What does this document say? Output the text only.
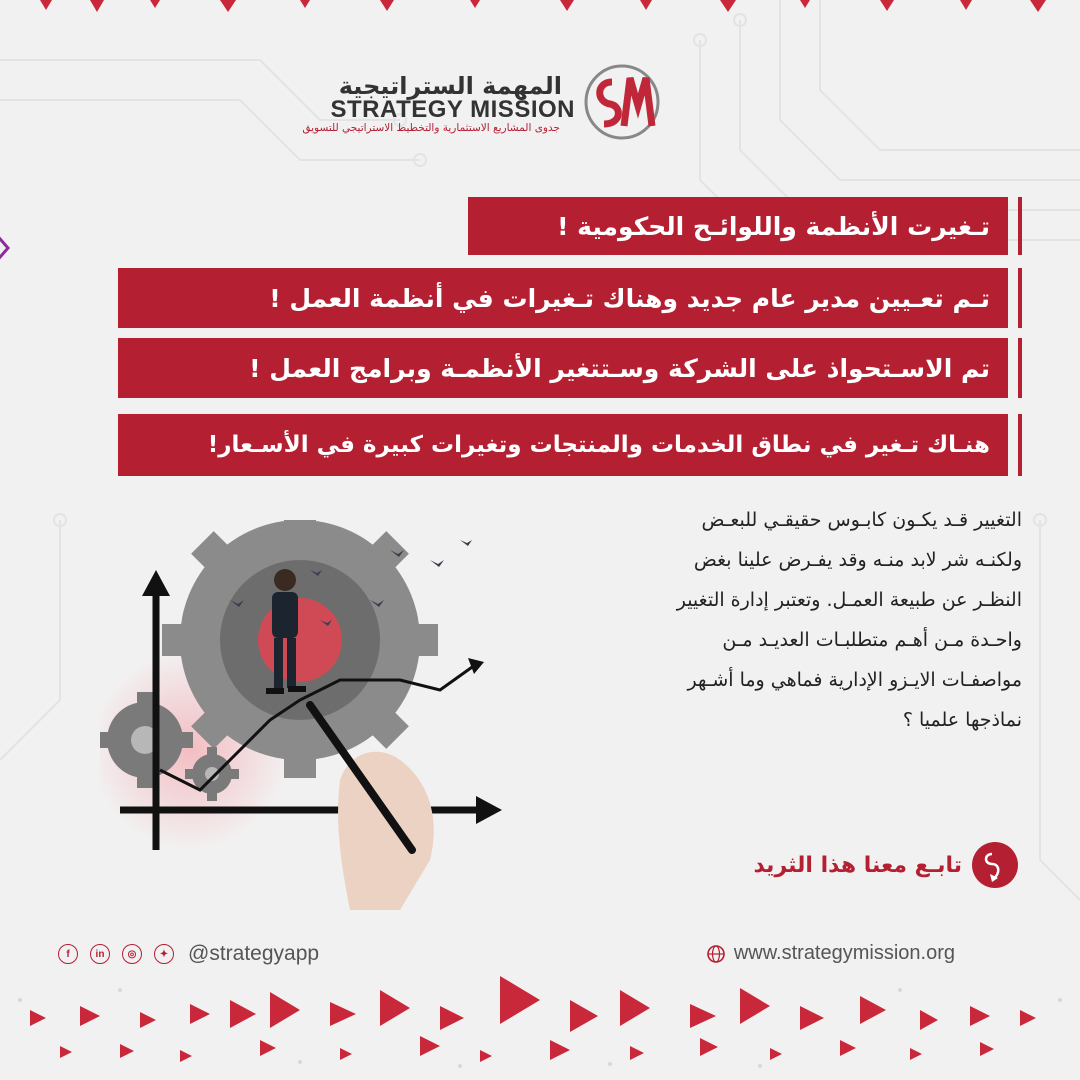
المهمة الستراتيجية
STRATEGY MISSION
جدوى المشاريع الاستثمارية والتخطيط الاستراتيجي للتسويق
تـغيرت الأنظمة واللوائـح الحكومية !
تـم تعـيين مدير عام جديد وهناك تـغيرات في أنظمة العمل !
تم الاسـتحواذ على الشركة وسـتتغير الأنظمـة وبرامج العمل !
هنـاك تـغير في نطاق الخدمات والمنتجات وتغيرات كبيرة في الأسـعار!
التغيير قـد يكـون كابـوس حقيقـي للبعـض
ولكنـه شر لابد منـه وقد يفـرض علينا بغض
النظـر عن طبيعة العمـل. وتعتبر إدارة التغيير
واحـدة مـن أهـم متطلبـات العديـد مـن
مواصفـات الايـزو الإدارية فماهي وما أشـهر
نماذجها علميا ؟
تابـع معنا هذا الثريد
f	in	◎	✦ @strategyapp	www.strategymission.org
